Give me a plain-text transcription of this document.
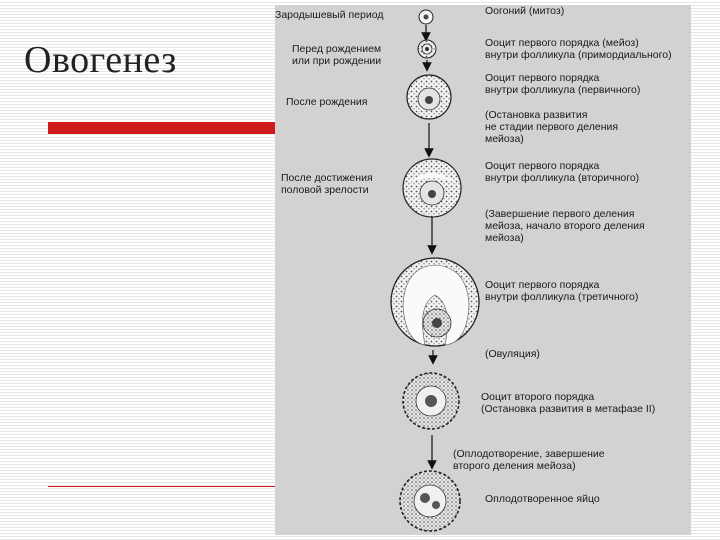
Овогенез
Зародышевый период
Перед рождением
или при рождении
После рождения
После достижения
половой зрелости
Оогоний (митоз)
Ооцит первого порядка (мейоз)
внутри фолликула (примордиального)
Ооцит первого порядка
внутри фолликула (первичного)
(Остановка развития
не стадии первого деления
мейоза)
Ооцит первого порядка
внутри фолликула (вторичного)
(Завершение первого деления
мейоза, начало второго деления
мейоза)
Ооцит первого порядка
внутри фолликула (третичного)
(Овуляция)
Ооцит второго порядка
(Остановка развития в метафазе II)
(Оплодотворение, завершение
второго деления мейоза)
Оплодотворенное яйцо
